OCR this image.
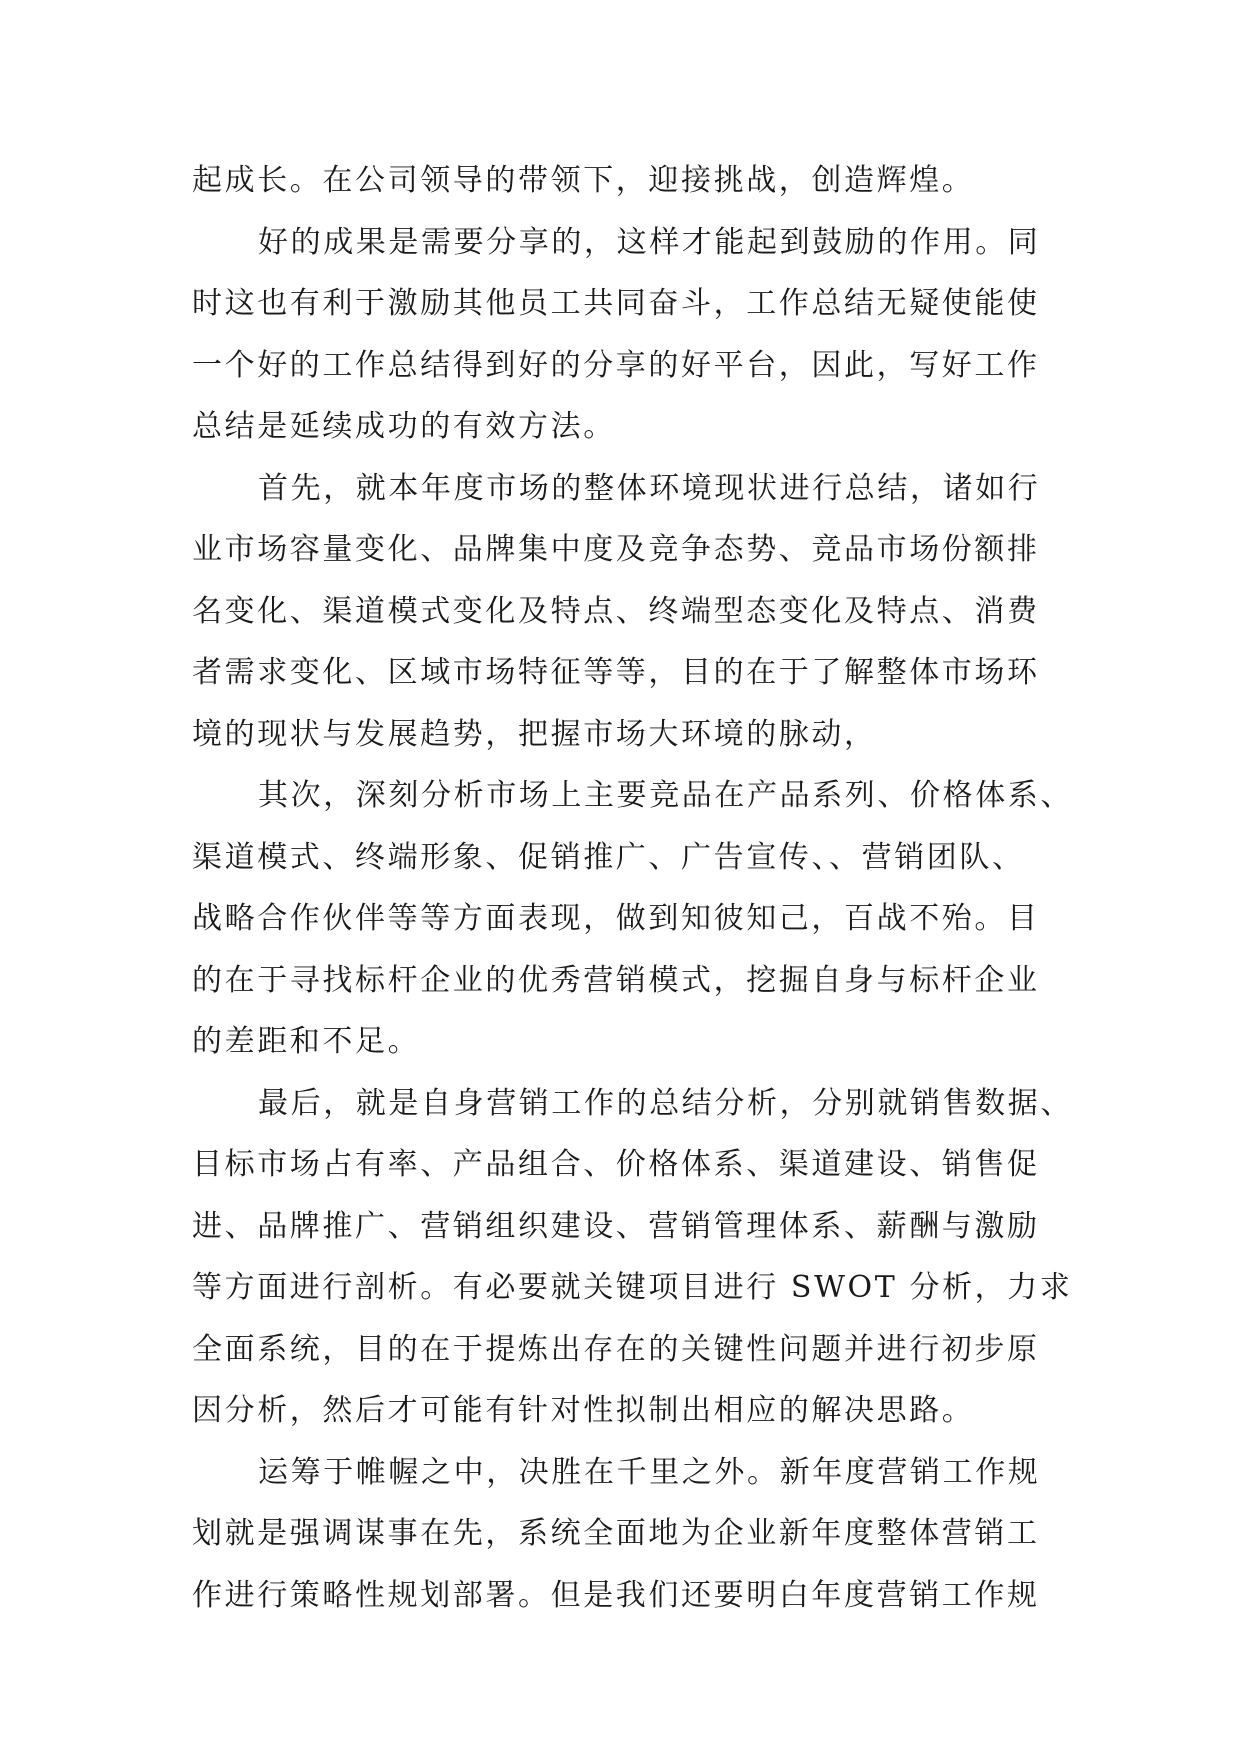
起成长。在公司领导的带领下，迎接挑战，创造辉煌。
好的成果是需要分享的，这样才能起到鼓励的作用。同
时这也有利于激励其他员工共同奋斗，工作总结无疑使能使
一个好的工作总结得到好的分享的好平台，因此，写好工作
总结是延续成功的有效方法。
首先，就本年度市场的整体环境现状进行总结，诸如行
业市场容量变化、品牌集中度及竞争态势、竞品市场份额排
名变化、渠道模式变化及特点、终端型态变化及特点、消费
者需求变化、区域市场特征等等，目的在于了解整体市场环
境的现状与发展趋势，把握市场大环境的脉动，
其次，深刻分析市场上主要竞品在产品系列、价格体系、
渠道模式、终端形象、促销推广、广告宣传、、营销团队、
战略合作伙伴等等方面表现，做到知彼知己，百战不殆。目
的在于寻找标杆企业的优秀营销模式，挖掘自身与标杆企业
的差距和不足。
最后，就是自身营销工作的总结分析，分别就销售数据、
目标市场占有率、产品组合、价格体系、渠道建设、销售促
进、品牌推广、营销组织建设、营销管理体系、薪酬与激励
等方面进行剖析。有必要就关键项目进行 SWOT 分析，力求
全面系统，目的在于提炼出存在的关键性问题并进行初步原
因分析，然后才可能有针对性拟制出相应的解决思路。
运筹于帷幄之中，决胜在千里之外。新年度营销工作规
划就是强调谋事在先，系统全面地为企业新年度整体营销工
作进行策略性规划部署。但是我们还要明白年度营销工作规
